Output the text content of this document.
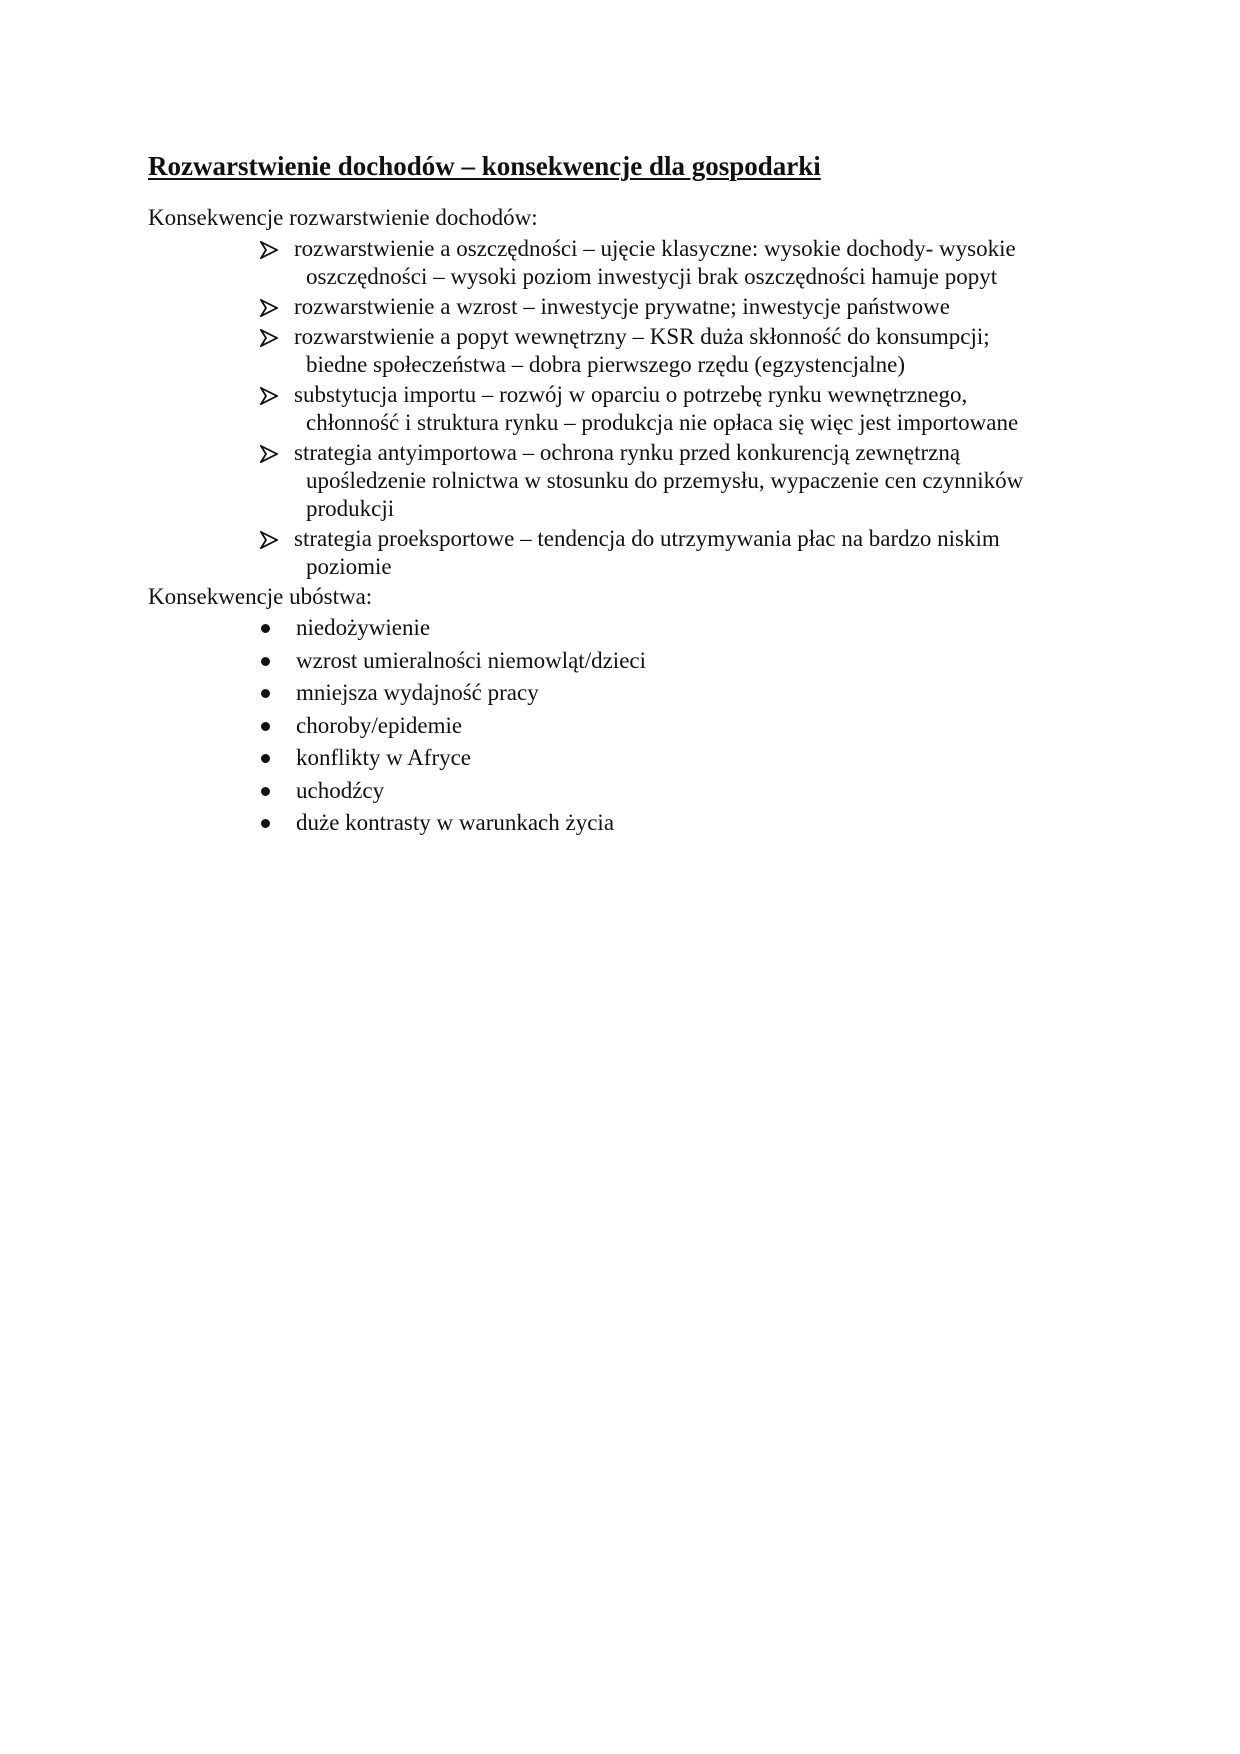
Rozwarstwienie dochodów – konsekwencje dla gospodarki

Konsekwencje rozwarstwienie dochodów:

rozwarstwienie a oszczędności – ujęcie klasyczne: wysokie dochody- wysokie
oszczędności – wysoki poziom inwestycji brak oszczędności hamuje popyt
rozwarstwienie a wzrost – inwestycje prywatne; inwestycje państwowe
rozwarstwienie a popyt wewnętrzny – KSR duża skłonność do konsumpcji;
biedne społeczeństwa – dobra pierwszego rzędu (egzystencjalne)
substytucja importu – rozwój w oparciu o potrzebę rynku wewnętrznego,
chłonność i struktura rynku – produkcja nie opłaca się więc jest importowane
strategia antyimportowa – ochrona rynku przed konkurencją zewnętrzną
upośledzenie rolnictwa w stosunku do przemysłu, wypaczenie cen czynników
produkcji
strategia proeksportowe – tendencja do utrzymywania płac na bardzo niskim
poziomie

Konsekwencje ubóstwa:

niedożywienie
wzrost umieralności niemowląt/dzieci
mniejsza wydajność pracy
choroby/epidemie
konflikty w Afryce
uchodźcy
duże kontrasty w warunkach życia
